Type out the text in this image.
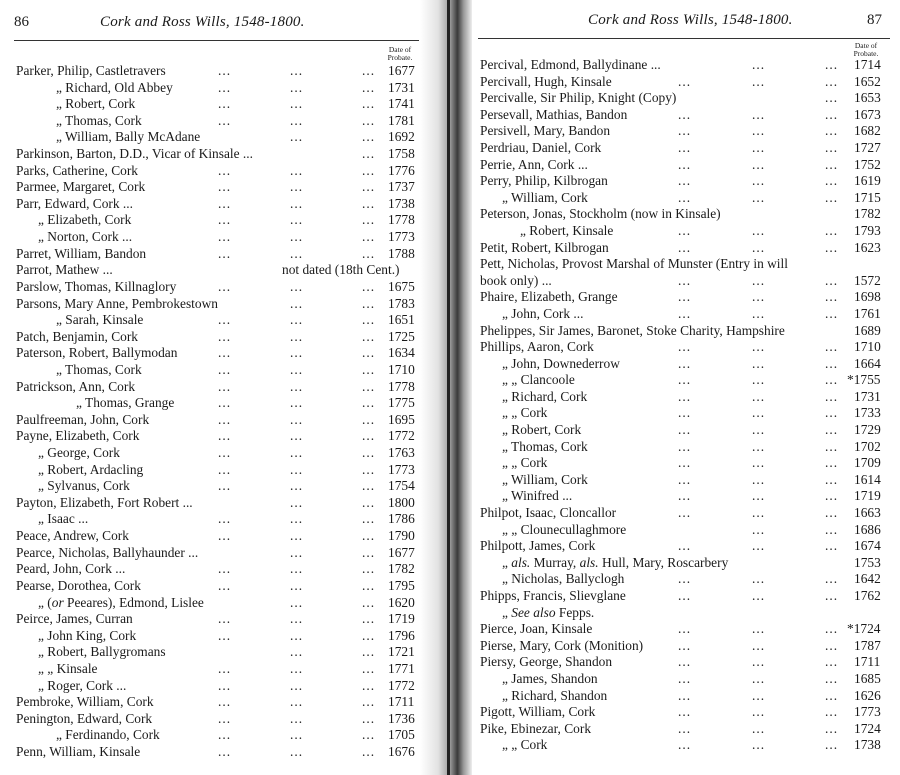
86	Cork and Ross Wills, 1548-1800.
Date of
Probate.
Parker, Philip, Castletravers	...	...	... 1677
„ Richard, Old Abbey	...	...	... 1731
„ Robert, Cork	...	...	... 1741
„ Thomas, Cork	...	...	... 1781
„ William, Bally McAdane	...	... 1692
Parkinson, Barton, D.D., Vicar of Kinsale ...	... 1758
Parks, Catherine, Cork	...	...	... 1776
Parmee, Margaret, Cork	...	...	... 1737
Parr, Edward, Cork ...	...	...	... 1738
„ Elizabeth, Cork	...	...	... 1778
„ Norton, Cork ...	...	...	... 1773
Parret, William, Bandon	...	...	... 1788
Parrot, Mathew ...	not dated (18th Cent.)
Parslow, Thomas, Killnaglory	...	...	... 1675
Parsons, Mary Anne, Pembrokestown	...	... 1783
„ Sarah, Kinsale	...	...	... 1651
Patch, Benjamin, Cork	...	...	... 1725
Paterson, Robert, Ballymodan	...	...	... 1634
„ Thomas, Cork	...	...	... 1710
Patrickson, Ann, Cork	...	...	... 1778
„ Thomas, Grange	...	...	... 1775
Paulfreeman, John, Cork	...	...	... 1695
Payne, Elizabeth, Cork	...	...	... 1772
„ George, Cork	...	...	... 1763
„ Robert, Ardacling	...	...	... 1773
„ Sylvanus, Cork	...	...	... 1754
Payton, Elizabeth, Fort Robert ...	...	... 1800
„ Isaac ...	...	...	... 1786
Peace, Andrew, Cork	...	...	... 1790
Pearce, Nicholas, Ballyhaunder ...	...	... 1677
Peard, John, Cork ...	...	...	... 1782
Pearse, Dorothea, Cork	...	...	... 1795
„ (or Peeares), Edmond, Lislee	...	... 1620
Peirce, James, Curran	...	...	... 1719
„ John King, Cork	...	...	... 1796
„ Robert, Ballygromans	...	... 1721
„ „ Kinsale	...	...	... 1771
„ Roger, Cork ...	...	...	... 1772
Pembroke, William, Cork	...	...	... 1711
Penington, Edward, Cork	...	...	... 1736
„ Ferdinando, Cork	...	...	... 1705
Penn, William, Kinsale	...	...	... 1676
Cork and Ross Wills, 1548-1800.	87
Date of
Probate.
Percival, Edmond, Ballydinane ...	...	... 1714
Percivall, Hugh, Kinsale	...	...	... 1652
Percivalle, Sir Philip, Knight (Copy)	... 1653
Persevall, Mathias, Bandon	...	...	... 1673
Persivell, Mary, Bandon	...	...	... 1682
Perdriau, Daniel, Cork	...	...	... 1727
Perrie, Ann, Cork ...	...	...	... 1752
Perry, Philip, Kilbrogan	...	...	... 1619
„ William, Cork	...	...	... 1715
Peterson, Jonas, Stockholm (now in Kinsale)	1782
„ Robert, Kinsale	...	...	... 1793
Petit, Robert, Kilbrogan	...	...	... 1623
Pett, Nicholas, Provost Marshal of Munster (Entry in will
book only) ...	...	...	... 1572
Phaire, Elizabeth, Grange	...	...	... 1698
„ John, Cork ...	...	...	... 1761
Phelippes, Sir James, Baronet, Stoke Charity, Hampshire	1689
Phillips, Aaron, Cork	...	...	... 1710
„ John, Downederrow	...	...	... 1664
„ „ Clancoole	...	...	... *1755
„ Richard, Cork	...	...	... 1731
„ „ Cork	...	...	... 1733
„ Robert, Cork	...	...	... 1729
„ Thomas, Cork	...	...	... 1702
„ „ Cork	...	...	... 1709
„ William, Cork	...	...	... 1614
„ Winifred ...	...	...	... 1719
Philpot, Isaac, Cloncallor	...	...	... 1663
„ „ Clounecullaghmore	...	... 1686
Philpott, James, Cork	...	...	... 1674
„ als. Murray, als. Hull, Mary, Roscarbery	1753
„ Nicholas, Ballyclogh	...	...	... 1642
Phipps, Francis, Slievglane	...	...	... 1762
„ See also Fepps.
Pierce, Joan, Kinsale	...	...	... *1724
Pierse, Mary, Cork (Monition)	...	...	... 1787
Piersy, George, Shandon	...	...	... 1711
„ James, Shandon	...	...	... 1685
„ Richard, Shandon	...	...	... 1626
Pigott, William, Cork	...	...	... 1773
Pike, Ebinezar, Cork	...	...	... 1724
„ „ Cork	...	...	... 1738
